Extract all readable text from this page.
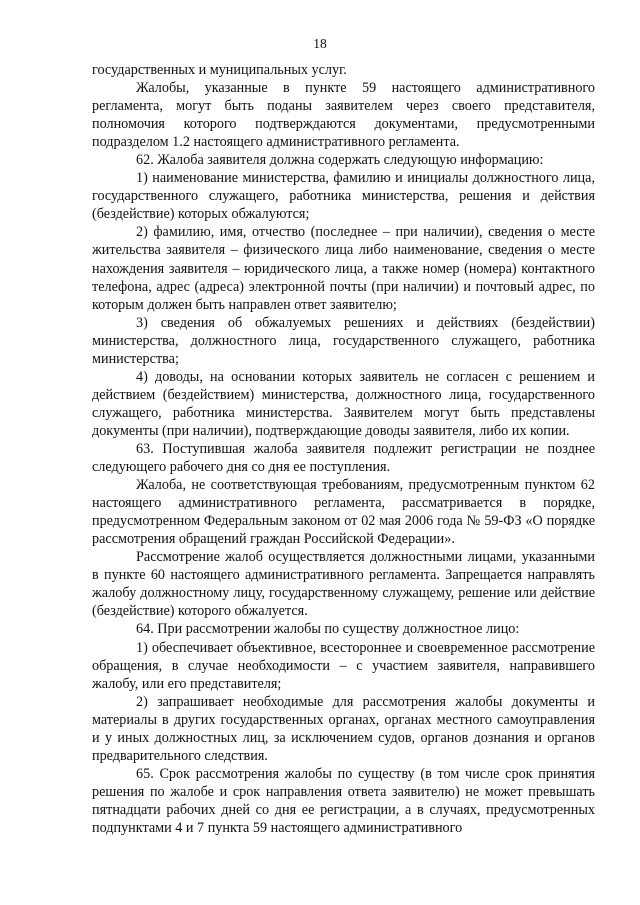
18

государственных и муниципальных услуг.

Жалобы, указанные в пункте 59 настоящего административного регламента, могут быть поданы заявителем через своего представителя, полномочия которого подтверждаются документами, предусмотренными подразделом 1.2 настоящего административного регламента.

62. Жалоба заявителя должна содержать следующую информацию:

1) наименование министерства, фамилию и инициалы должностного лица, государственного служащего, работника министерства, решения и действия (бездействие) которых обжалуются;

2) фамилию, имя, отчество (последнее – при наличии), сведения о месте жительства заявителя – физического лица либо наименование, сведения о месте нахождения заявителя – юридического лица, а также номер (номера) контактного телефона, адрес (адреса) электронной почты (при наличии) и почтовый адрес, по которым должен быть направлен ответ заявителю;

3) сведения об обжалуемых решениях и действиях (бездействии) министерства, должностного лица, государственного служащего, работника министерства;

4) доводы, на основании которых заявитель не согласен с решением и действием (бездействием) министерства, должностного лица, государственного служащего, работника министерства. Заявителем могут быть представлены документы (при наличии), подтверждающие доводы заявителя, либо их копии.

63. Поступившая жалоба заявителя подлежит регистрации не позднее следующего рабочего дня со дня ее поступления.

Жалоба, не соответствующая требованиям, предусмотренным пунктом 62 настоящего административного регламента, рассматривается в порядке, предусмотренном Федеральным законом от 02 мая 2006 года № 59-ФЗ «О порядке рассмотрения обращений граждан Российской Федерации».

Рассмотрение жалоб осуществляется должностными лицами, указанными в пункте 60 настоящего административного регламента. Запрещается направлять жалобу должностному лицу, государственному служащему, решение или действие (бездействие) которого обжалуется.

64. При рассмотрении жалобы по существу должностное лицо:

1) обеспечивает объективное, всестороннее и своевременное рассмотрение обращения, в случае необходимости – с участием заявителя, направившего жалобу, или его представителя;

2) запрашивает необходимые для рассмотрения жалобы документы и материалы в других государственных органах, органах местного самоуправления и у иных должностных лиц, за исключением судов, органов дознания и органов предварительного следствия.

65. Срок рассмотрения жалобы по существу (в том числе срок принятия решения по жалобе и срок направления ответа заявителю) не может превышать пятнадцати рабочих дней со дня ее регистрации, а в случаях, предусмотренных подпунктами 4 и 7 пункта 59 настоящего административного
